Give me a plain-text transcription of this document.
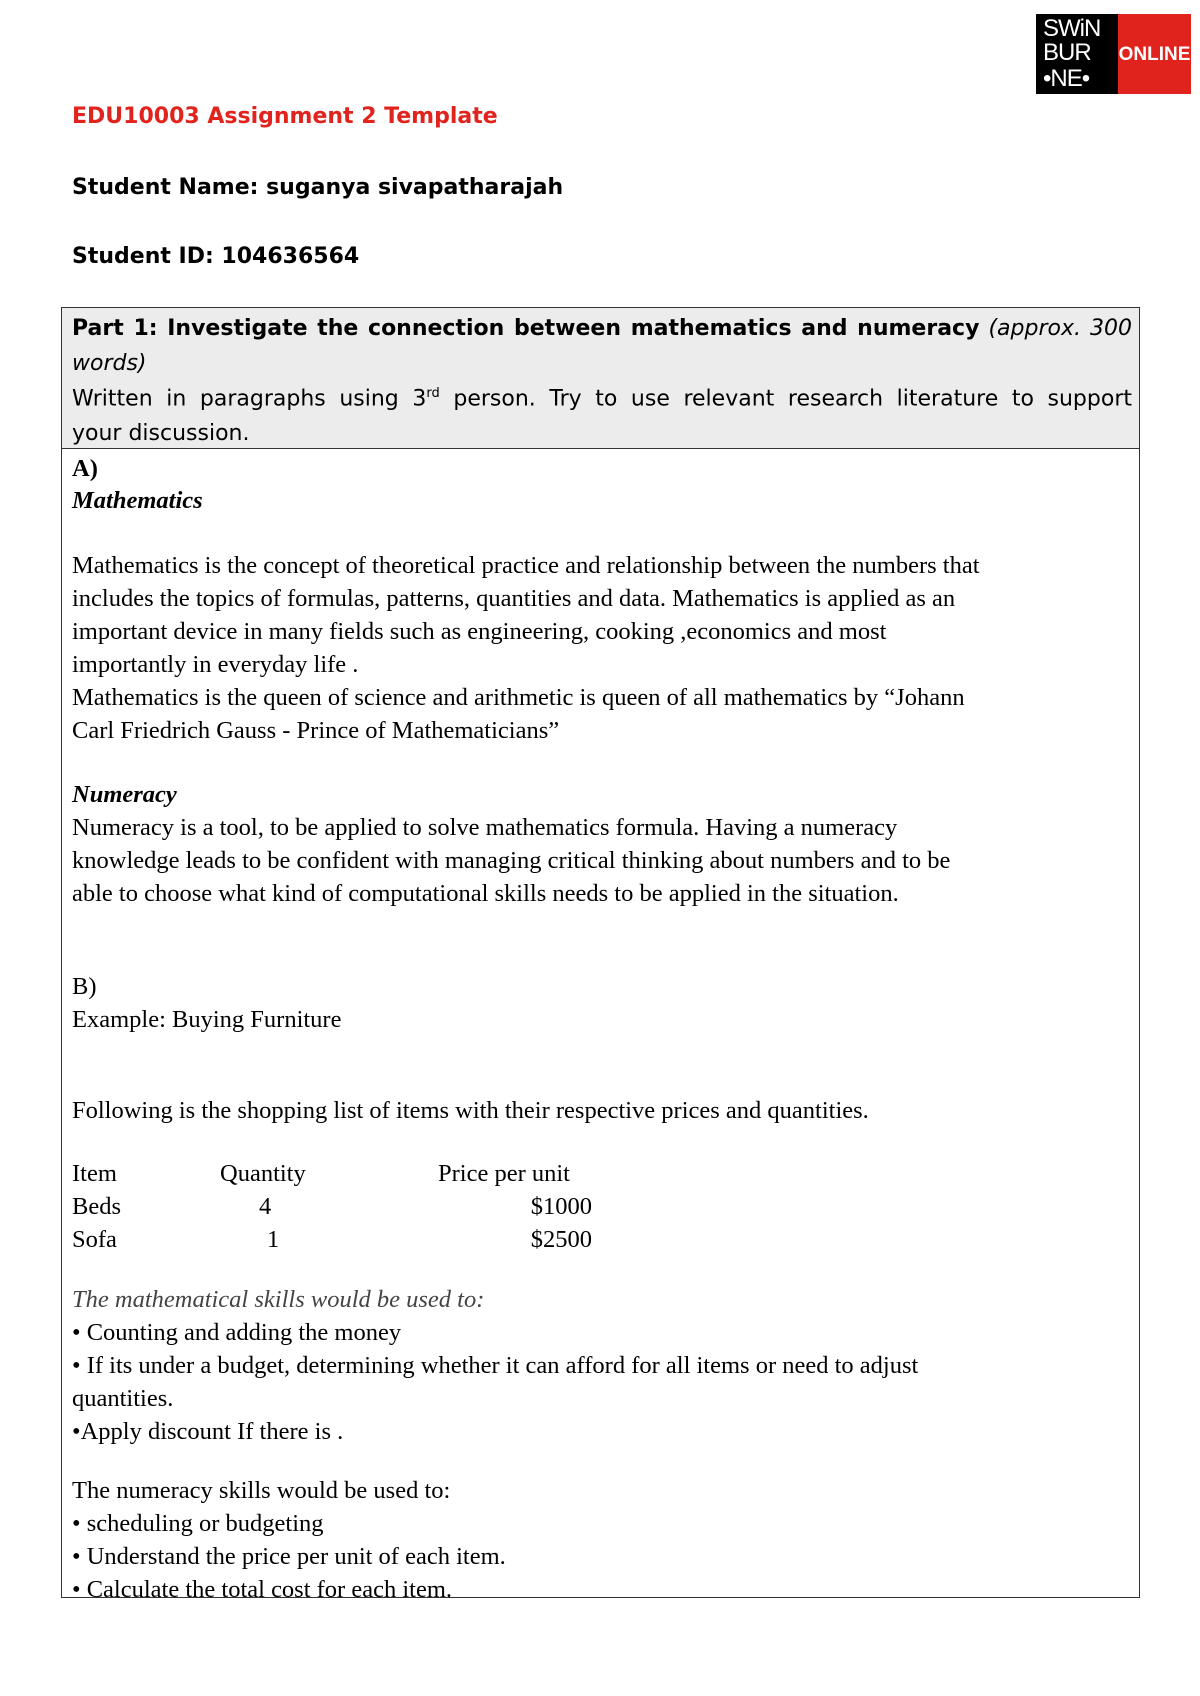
SWiN
BUR
•NE•
ONLINE
EDU10003 Assignment 2 Template
Student Name: suganya sivapatharajah
Student ID: 104636564
Part 1: Investigate the connection between mathematics and numeracy (approx. 300
words)
Written in paragraphs using 3rd person. Try to use relevant research literature to support
your discussion.
A)
Mathematics
Mathematics is the concept of theoretical practice and relationship between the numbers that
includes the topics of formulas, patterns, quantities and data. Mathematics is applied as an
important device in many fields such as engineering, cooking ,economics and most
importantly in everyday life .
Mathematics is the queen of science and arithmetic is queen of all mathematics by “Johann
Carl Friedrich Gauss - Prince of Mathematicians”
Numeracy
Numeracy is a tool, to be applied to solve mathematics formula. Having a numeracy
knowledge leads to be confident with managing critical thinking about numbers and to be
able to choose what kind of computational skills needs to be applied in the situation.
B)
Example: Buying Furniture
Following is the shopping list of items with their respective prices and quantities.
Item	Quantity	Price per unit
Beds	4	$1000
Sofa	1	$2500
The mathematical skills would be used to:
• Counting and adding the money
• If its under a budget, determining whether it can afford for all items or need to adjust
quantities.
•Apply discount If there is .
The numeracy skills would be used to:
• scheduling or budgeting
• Understand the price per unit of each item.
• Calculate the total cost for each item.
